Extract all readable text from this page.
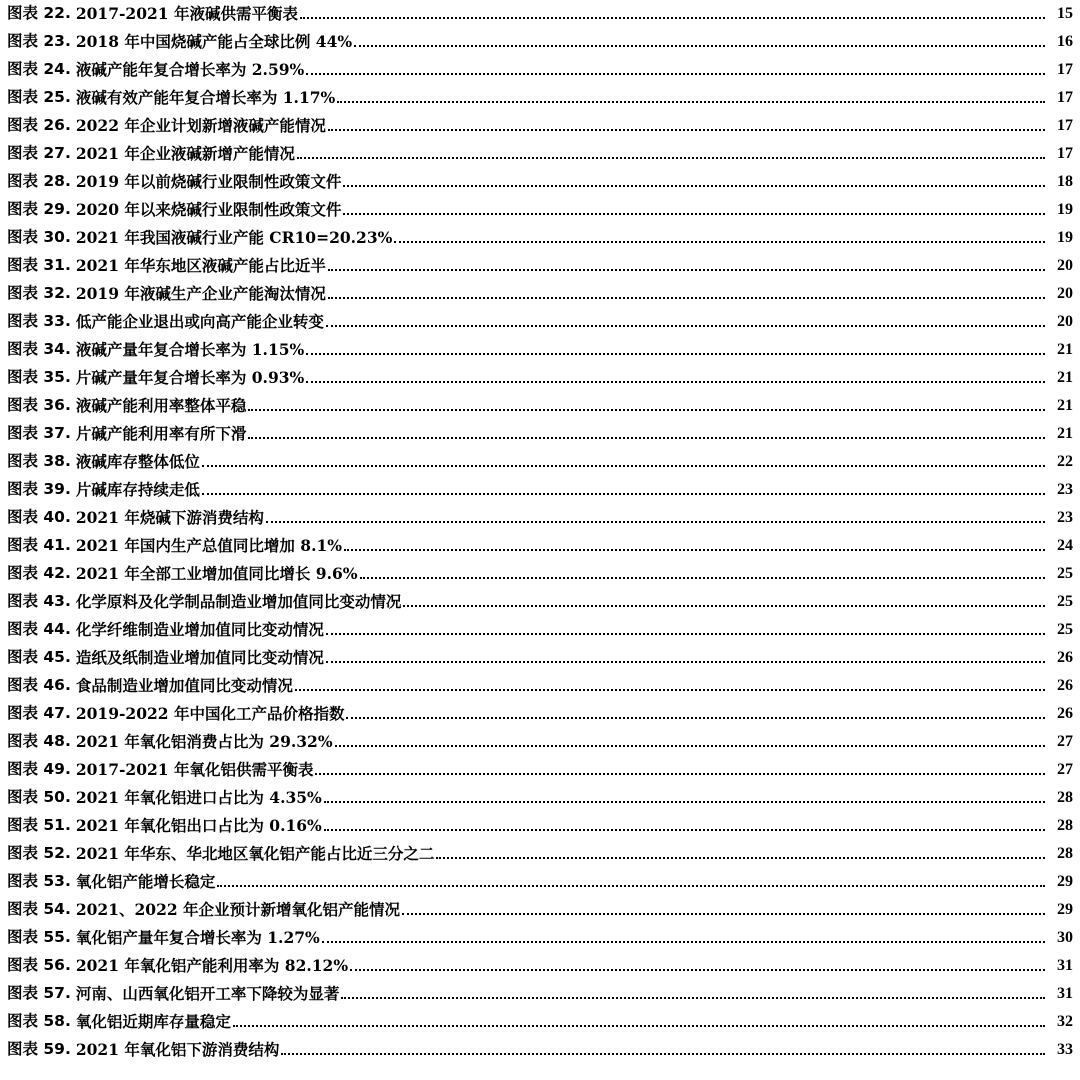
图表 22. 2017-2021 年液碱供需平衡表	15
图表 23. 2018 年中国烧碱产能占全球比例 44%	16
图表 24. 液碱产能年复合增长率为 2.59%	17
图表 25. 液碱有效产能年复合增长率为 1.17%	17
图表 26. 2022 年企业计划新增液碱产能情况	17
图表 27. 2021 年企业液碱新增产能情况	17
图表 28. 2019 年以前烧碱行业限制性政策文件	18
图表 29. 2020 年以来烧碱行业限制性政策文件	19
图表 30. 2021 年我国液碱行业产能 CR10=20.23%	19
图表 31. 2021 年华东地区液碱产能占比近半	20
图表 32. 2019 年液碱生产企业产能淘汰情况	20
图表 33. 低产能企业退出或向高产能企业转变	20
图表 34. 液碱产量年复合增长率为 1.15%	21
图表 35. 片碱产量年复合增长率为 0.93%	21
图表 36. 液碱产能利用率整体平稳	21
图表 37. 片碱产能利用率有所下滑	21
图表 38. 液碱库存整体低位	22
图表 39. 片碱库存持续走低	23
图表 40. 2021 年烧碱下游消费结构	23
图表 41. 2021 年国内生产总值同比增加 8.1%	24
图表 42. 2021 年全部工业增加值同比增长 9.6%	25
图表 43. 化学原料及化学制品制造业增加值同比变动情况	25
图表 44. 化学纤维制造业增加值同比变动情况	25
图表 45. 造纸及纸制造业增加值同比变动情况	26
图表 46. 食品制造业增加值同比变动情况	26
图表 47. 2019-2022 年中国化工产品价格指数	26
图表 48. 2021 年氧化铝消费占比为 29.32%	27
图表 49. 2017-2021 年氧化铝供需平衡表	27
图表 50. 2021 年氧化铝进口占比为 4.35%	28
图表 51. 2021 年氧化铝出口占比为 0.16%	28
图表 52. 2021 年华东、华北地区氧化铝产能占比近三分之二	28
图表 53. 氧化铝产能增长稳定	29
图表 54. 2021、2022 年企业预计新增氧化铝产能情况	29
图表 55. 氧化铝产量年复合增长率为 1.27%	30
图表 56. 2021 年氧化铝产能利用率为 82.12%	31
图表 57. 河南、山西氧化铝开工率下降较为显著	31
图表 58. 氧化铝近期库存量稳定	32
图表 59. 2021 年氧化铝下游消费结构	33
